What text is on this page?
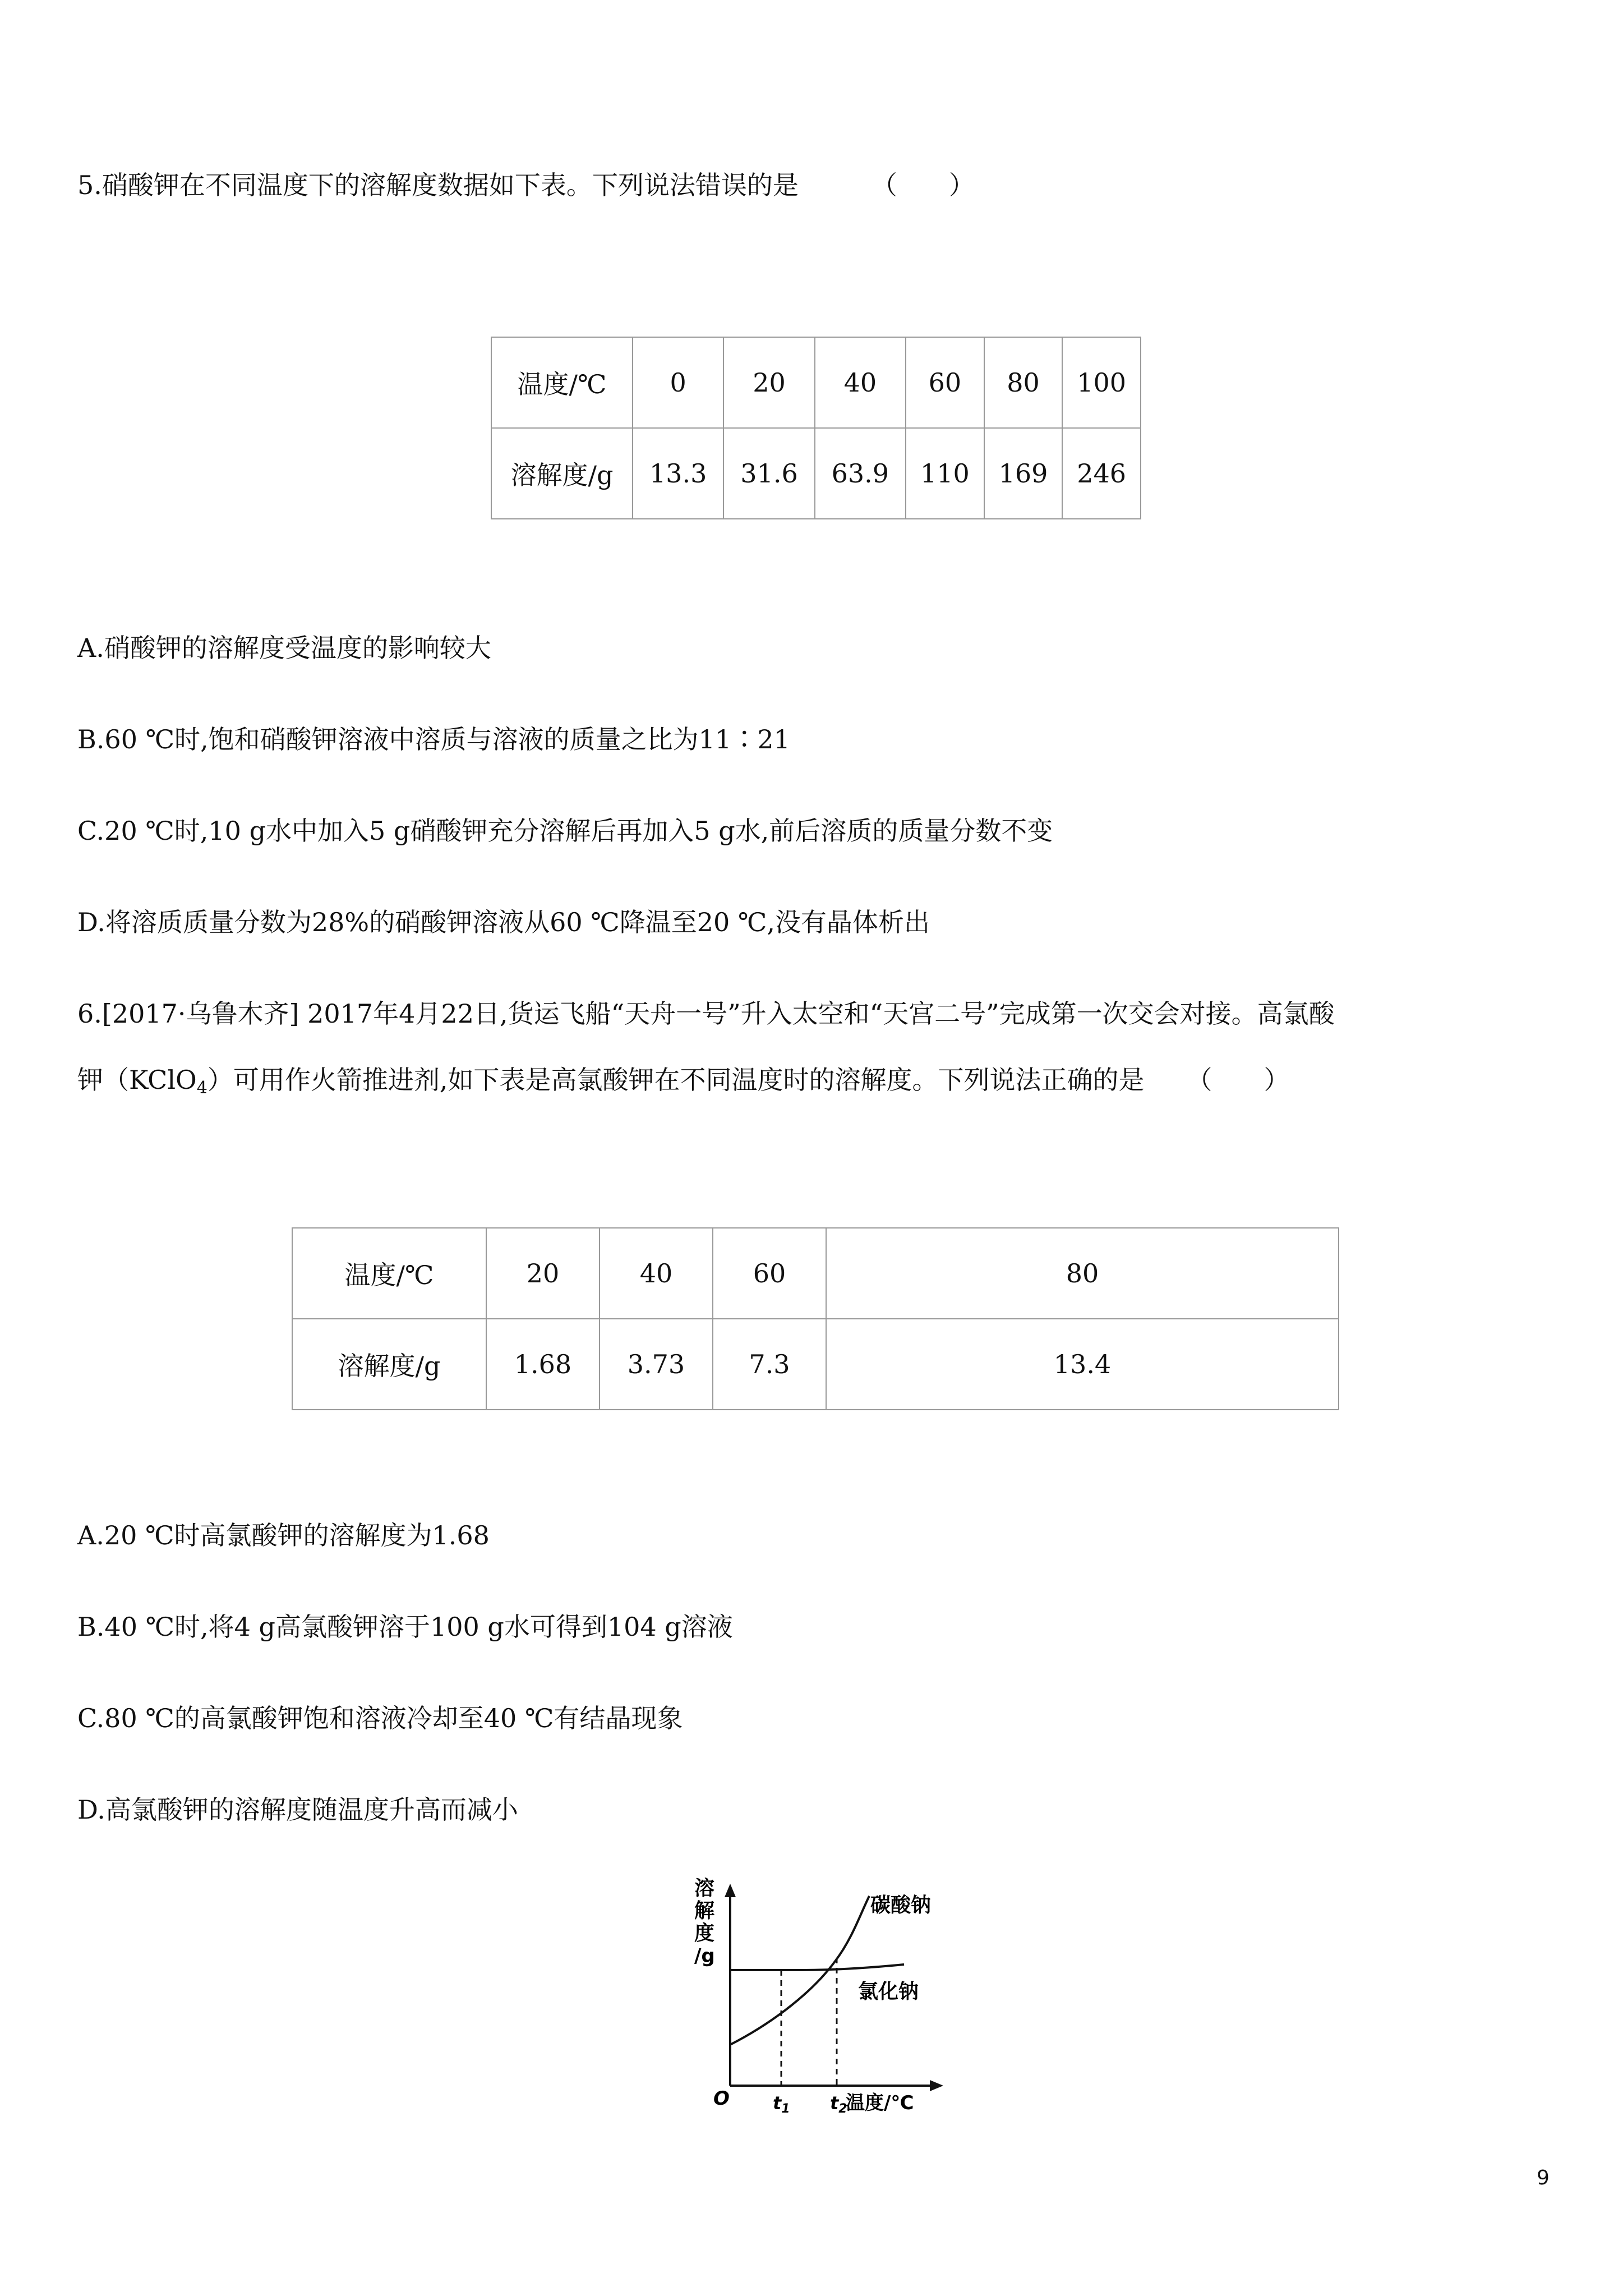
5.硝酸钾在不同温度下的溶解度数据如下表。下列说法错误的是	（　　）
温度/℃	0	20	40	60	80	100
溶解度/g	13.3	31.6	63.9	110	169	246
A.硝酸钾的溶解度受温度的影响较大
B.60 ℃时,饱和硝酸钾溶液中溶质与溶液的质量之比为11∶21
C.20 ℃时,10 g水中加入5 g硝酸钾充分溶解后再加入5 g水,前后溶质的质量分数不变
D.将溶质质量分数为28%的硝酸钾溶液从60 ℃降温至20 ℃,没有晶体析出
6.[2017·乌鲁木齐] 2017年4月22日,货运飞船“天舟一号”升入太空和“天宫二号”完成第一次交会对接。高氯酸
钾（KClO$_4$）可用作火箭推进剂,如下表是高氯酸钾在不同温度时的溶解度。下列说法正确的是 （　　）
温度/℃	20	40	60	80
溶解度/g	1.68	3.73	7.3	13.4
A.20 ℃时高氯酸钾的溶解度为1.68
B.40 ℃时,将4 g高氯酸钾溶于100 g水可得到104 g溶液
C.80 ℃的高氯酸钾饱和溶液冷却至40 ℃有结晶现象
D.高氯酸钾的溶解度随温度升高而减小
溶
解
度
/g
O t1 t2
温度/℃
碳酸钠
氯化钠
9
